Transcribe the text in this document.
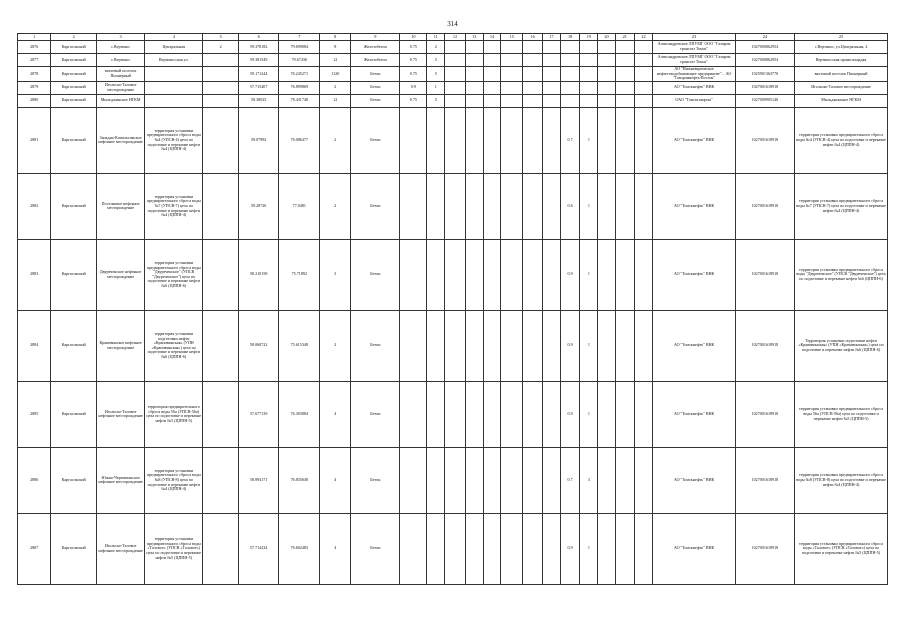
314
1	2	3	4	5	6	7	8	9	10	11	12	13	14	15	16	17	18	19	20	21	22	23	24	25
2876	Каргасокский	с.Вертикос	Центральная	2	59.378182	79.699084	8	Железобетон	0.75	2												Александровское ЛПУМГ ООО "Газпром трансгаз Томск"	1027000862954	с.Вертикос, ул.Центральная, 2
2877	Каргасокский	с.Вертикос	Вертикосская ул.		59.381549	79.67436	12	Железобетон	0.75	3												Александровское ЛПУМГ ООО "Газпром трансгаз Томск"	1027000862954	Вертикосская промплощадка
2878	Каргасокский	вахтовый поселок Пионерный			59.171244	76.245271	1120	Бетон	0.75	5												АО "Нижневартовское нефтегазодобывающее предприятие"... АО "Газпромнефть-Восток"	1025901363770	вахтовый поселок Пионерный
2879	Каргасокский	Игольско-Таловое месторождение			57.715407	76.899869	2	Бетон	0.9	1												АО "Томскнефть" ВНК	1027001618918	Игольско-Таловое месторождение
2880	Каргасокский	Мыльджинское НГКМ			58.38025	78.431748	12	Бетон	0.75	5												ОАО "Томскгазпром"	1027000905140	Мыльджинское НГКМ
2881	Каргасокский	Западно-Катыльгинское нефтяное месторождение	территория установки предварительного сброса воды №4 (УПСВ-4) цеха по подготовке и перекачке нефти №4 (ЦППН-4)		59.07992	76.086477	2	Бетон									0.7	1				АО "Томскнефть" ВНК	1027001618918	территория установки предварительного сброса воды №4 (УПСВ-4) цеха по подготовке и перекачке нефти №4 (ЦППН-4)
2882	Каргасокский	Поселковое нефтяное месторождение	территория установки предварительного сброса воды №7 (УПСВ-7) цеха по подготовке и перекачке нефти №4 (ЦППН-4)		59.28726	77.0481	2	Бетон									0.6	1				АО "Томскнефть" ВНК	1027001618918	территория установки предварительного сброса воды №7 (УПСВ-7) цеха по подготовке и перекачке нефти №4 (ЦППН-4)
2883	Каргасокский	Двуреченское нефтяное месторождение	территория установки предварительного сброса воды "Двуреченское" (УПСВ "Двуреченское") цеха по подготовке и перекачке нефти №6 (ЦППН-6)		58.210158	75.71892	3	Бетон									0.9	1				АО "Томскнефть" ВНК	1027001618918	территория установки предварительного сброса воды "Двуреченское" (УПСВ "Двуреченское") цеха по подготовке и перекачке нефти №6 (ЦППН-6)
2884	Каргасокский	Крапивинское нефтяное месторождение	территория установки подготовки нефти «Крапивинская» (УПН «Крапивинская») цеха по подготовке и перекачке нефти №6 (ЦППН-6)		58.060722	75.615348	2	Бетон									0.9	1				АО "Томскнефть" ВНК	1027001618918	Территория установки подготовки нефти «Крапивинская» (УПН «Крапивинская») цеха по подготовке и перекачке нефти №6 (ЦППН-6)
2885	Каргасокский	Игольско-Таловое нефтяное месторождение	территория предварительного сброса воды 56а (УПСВ-56а) цеха по подготовке и перекачке нефти №5 (ЦППН-5)		57.677139	76.303884	4	Бетон									0.9	1				АО "Томскнефть" ВНК	1027001618918	территория установки предварительного сброса воды 56а (УПСВ-56а) цеха по подготовке и перекачке нефти №5 (ЦППН-5)
2886	Каргасокский	Южно-Черемшанское нефтяное месторождение	территория установки предварительного сброса воды №8 (УПСВ-8) цеха по подготовке и перекачке нефти №4 (ЦППН-4)		58.894171	76.835648	4	Бетон									0.7	3				АО "Томскнефть" ВНК	1027001618918	территория установки предварительного сброса воды №8 (УПСВ-8) цеха по подготовке и перекачке нефти №4 (ЦППН-4)
2887	Каргасокский	Игольско-Таловое нефтяное месторождение	территория установки предварительного сброса воды «Таловое» (УПСВ «Таловое») цеха по подготовке и перекачке нефти №5 (ЦППН-5)		57.714234	76.602483	4	Бетон									0.9	1				АО "Томскнефть" ВНК	1027001618918	территория установки предварительного сброса воды «Таловое» (УПСВ «Таловое») цеха по подготовке и перекачке нефти №5 (ЦППН-5)
